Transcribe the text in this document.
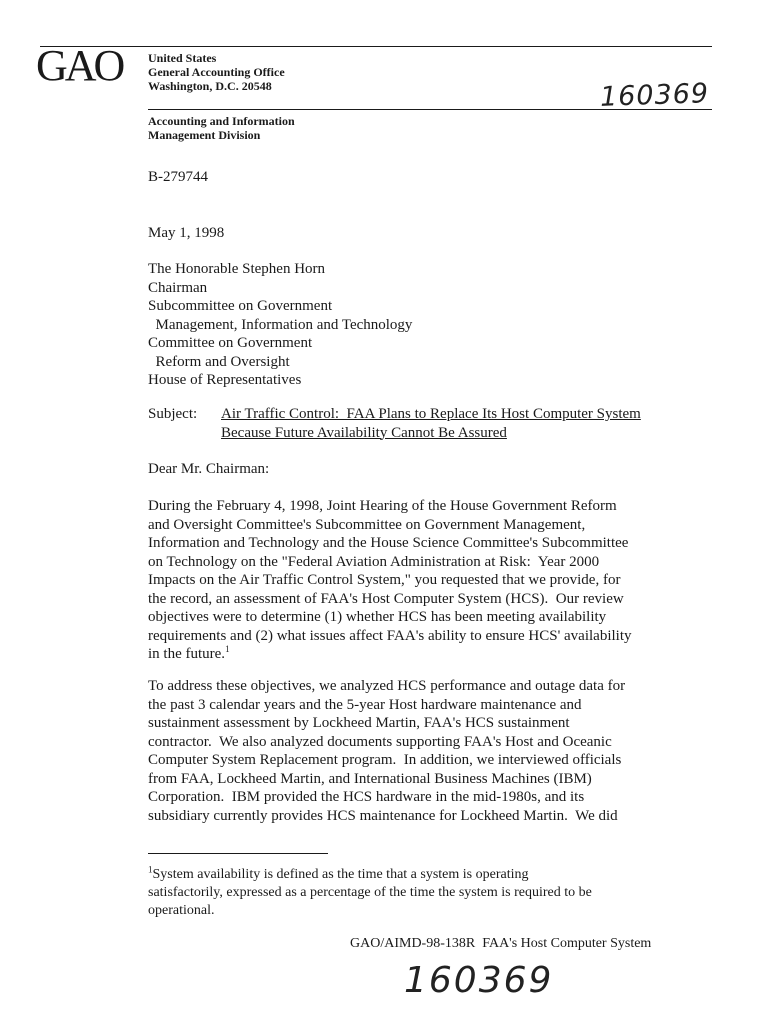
GAO United States
General Accounting Office
Washington, D.C. 20548	160369
Accounting and Information
Management Division
B-279744
May 1, 1998
The Honorable Stephen Horn
Chairman
Subcommittee on Government
Management, Information and Technology
Committee on Government
Reform and Oversight
House of Representatives
Subject: Air Traffic Control:  FAA Plans to Replace Its Host Computer System
Because Future Availability Cannot Be Assured
Dear Mr. Chairman:
During the February 4, 1998, Joint Hearing of the House Government Reform
and Oversight Committee's Subcommittee on Government Management,
Information and Technology and the House Science Committee's Subcommittee
on Technology on the "Federal Aviation Administration at Risk:  Year 2000
Impacts on the Air Traffic Control System," you requested that we provide, for
the record, an assessment of FAA's Host Computer System (HCS).  Our review
objectives were to determine (1) whether HCS has been meeting availability
requirements and (2) what issues affect FAA's ability to ensure HCS' availability
in the future.$^1$
To address these objectives, we analyzed HCS performance and outage data for
the past 3 calendar years and the 5-year Host hardware maintenance and
sustainment assessment by Lockheed Martin, FAA's HCS sustainment
contractor.  We also analyzed documents supporting FAA's Host and Oceanic
Computer System Replacement program.  In addition, we interviewed officials
from FAA, Lockheed Martin, and International Business Machines (IBM)
Corporation.  IBM provided the HCS hardware in the mid-1980s, and its
subsidiary currently provides HCS maintenance for Lockheed Martin.  We did
$^1$System availability is defined as the time that a system is operating
satisfactorily, expressed as a percentage of the time the system is required to be
operational.
GAO/AIMD-98-138R  FAA's Host Computer System
160369
